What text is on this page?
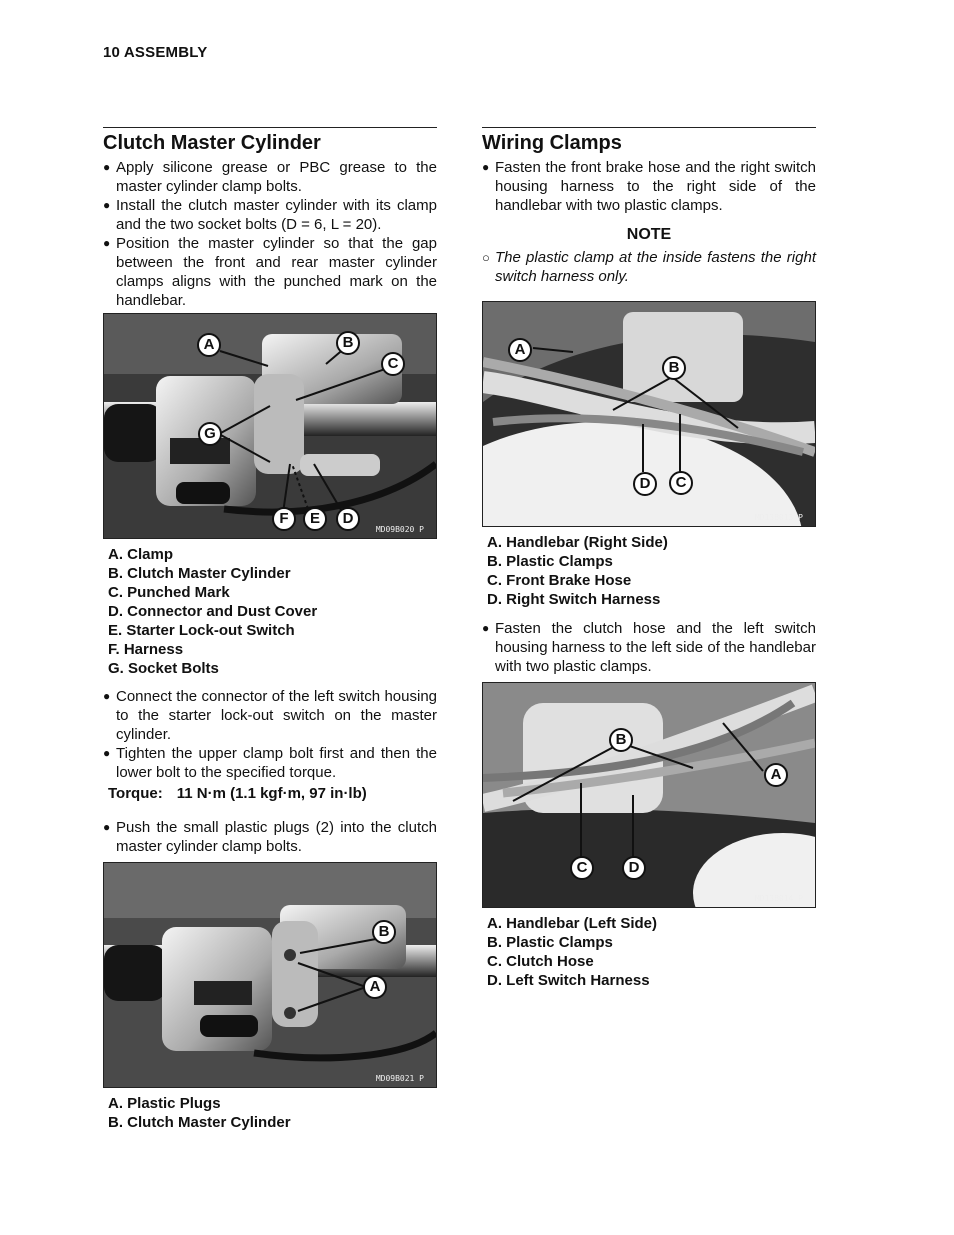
10 ASSEMBLY
Clutch Master Cylinder
● Apply silicone grease or PBC grease to the master cylinder clamp bolts.
● Install the clutch master cylinder with its clamp and the two socket bolts (D = 6, L = 20).
● Position the master cylinder so that the gap between the front and rear master cylinder clamps aligns with the punched mark on the handlebar.
A	B
C
G
F	E	D
MD09B020 P
A. Clamp
B. Clutch Master Cylinder
C. Punched Mark
D. Connector and Dust Cover
E. Starter Lock-out Switch
F. Harness
G. Socket Bolts
● Connect the connector of the left switch housing to the starter lock-out switch on the master cylinder.
● Tighten the upper clamp bolt first and then the lower bolt to the specified torque.
Torque: 11 N·m (1.1 kgf·m, 97 in·lb)
● Push the small plastic plugs (2) into the clutch master cylinder clamp bolts.
B
A
MD09B021 P
A. Plastic Plugs
B. Clutch Master Cylinder
Wiring Clamps
● Fasten the front brake hose and the right switch housing harness to the right side of the handlebar with two plastic clamps.
NOTE
○ The plastic clamp at the inside fastens the right switch harness only.
A
B
D	C
MD13B013 P
A. Handlebar (Right Side)
B. Plastic Clamps
C. Front Brake Hose
D. Right Switch Harness
● Fasten the clutch hose and the left switch housing harness to the left side of the handlebar with two plastic clamps.
B
A
C	D
MD13B014 P
A. Handlebar (Left Side)
B. Plastic Clamps
C. Clutch Hose
D. Left Switch Harness
